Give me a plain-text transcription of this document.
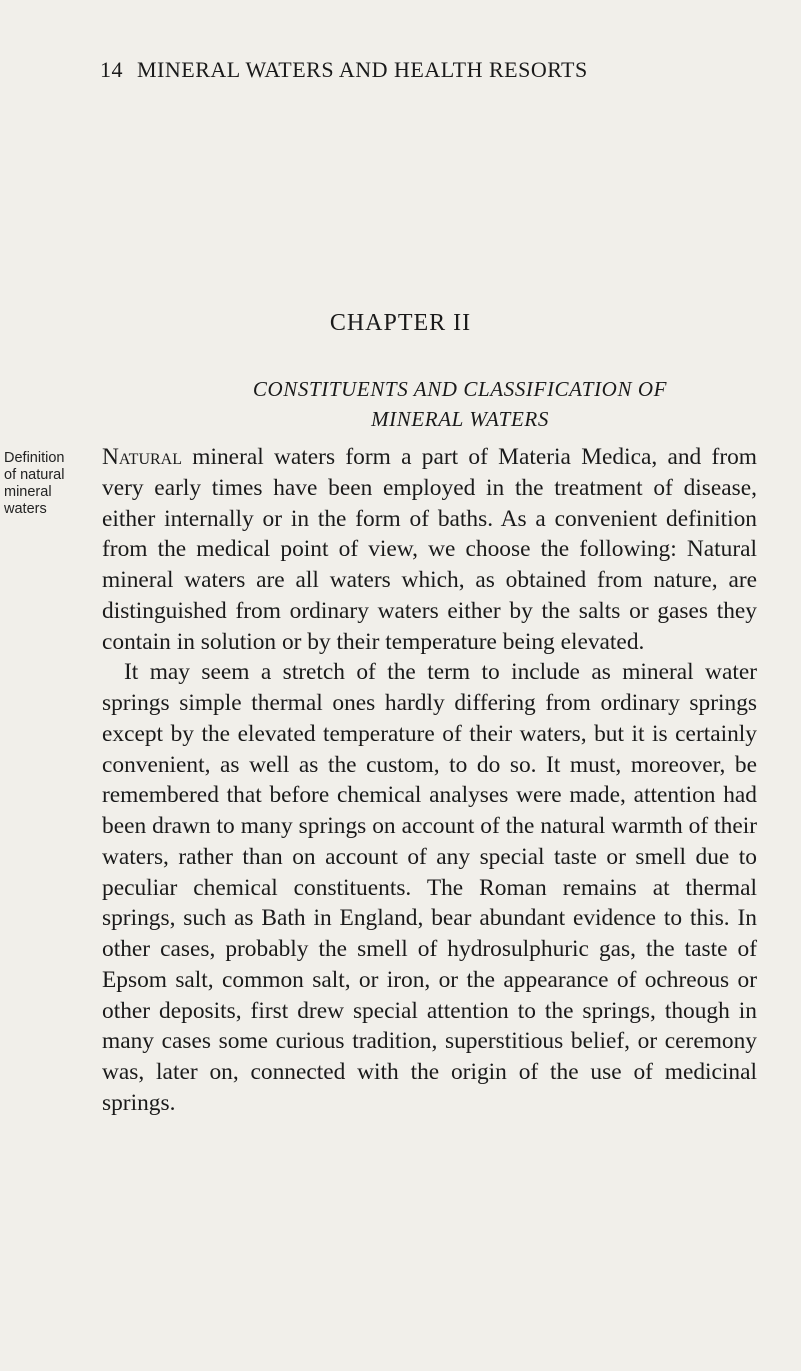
14 MINERAL WATERS AND HEALTH RESORTS
CHAPTER II
CONSTITUENTS AND CLASSIFICATION OF
MINERAL WATERS
Definition
of natural
mineral
waters

Natural mineral waters form a part of Materia Medica, and from very early times have been employed in the treatment of disease, either internally or in the form of baths. As a convenient definition from the medical point of view, we choose the following: Natural mineral waters are all waters which, as obtained from nature, are distinguished from ordinary waters either by the salts or gases they contain in solution or by their temperature being elevated.

It may seem a stretch of the term to include as mineral water springs simple thermal ones hardly differing from ordinary springs except by the elevated temperature of their waters, but it is certainly convenient, as well as the custom, to do so. It must, moreover, be remembered that before chemical analyses were made, attention had been drawn to many springs on account of the natural warmth of their waters, rather than on account of any special taste or smell due to peculiar chemical constituents. The Roman remains at thermal springs, such as Bath in England, bear abundant evidence to this. In other cases, probably the smell of hydrosulphuric gas, the taste of Epsom salt, common salt, or iron, or the appearance of ochreous or other deposits, first drew special attention to the springs, though in many cases some curious tradition, superstitious belief, or ceremony was, later on, connected with the origin of the use of medicinal springs.
